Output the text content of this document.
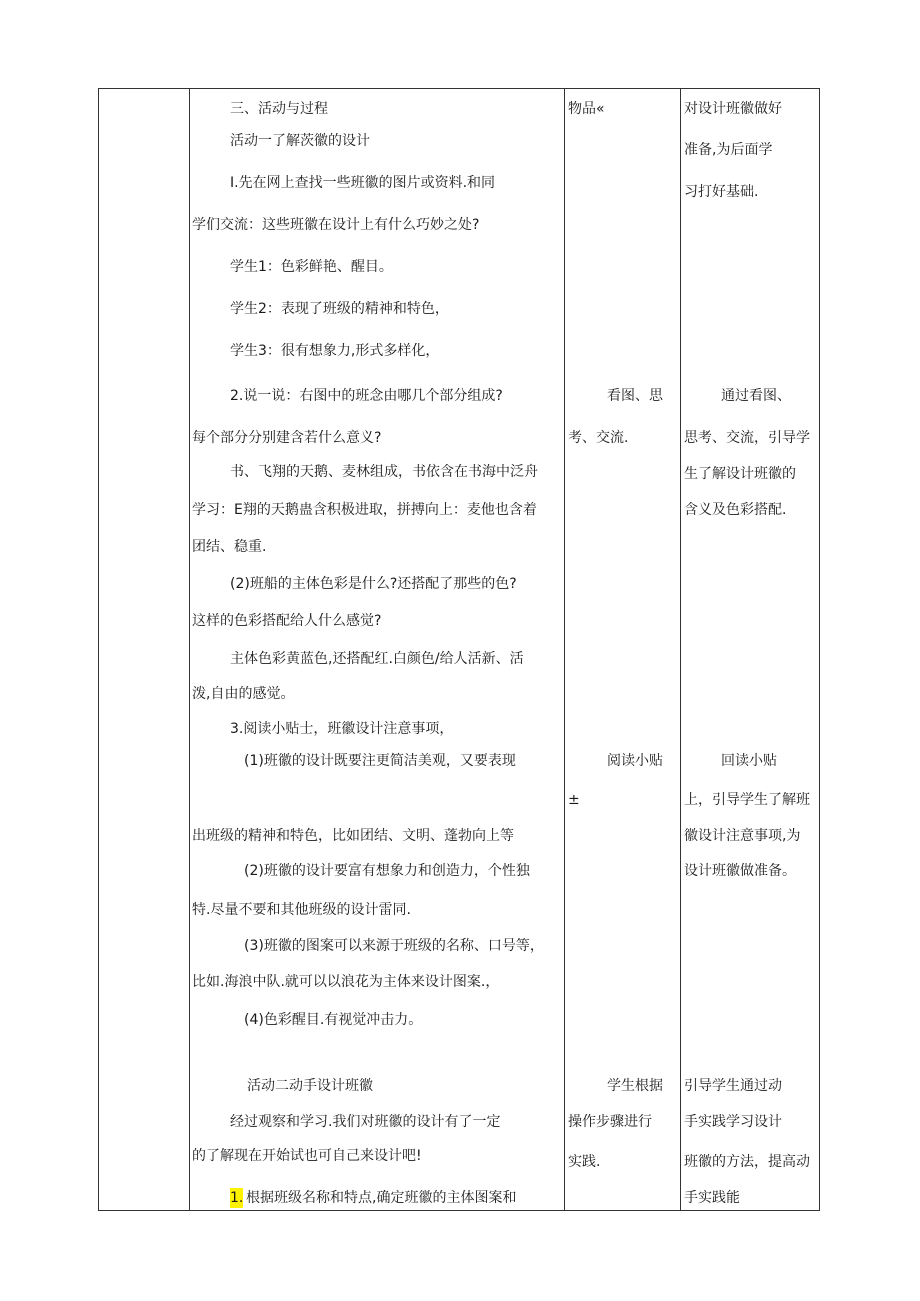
三、活动与过程
活动一了解茨徽的设计
I.先在网上查找一些班徽的图片或资料.和同
学们交流：这些班徽在设计上有什么巧妙之处?
学生1：色彩鲜艳、醒目。
学生2：表现了班级的精神和特色，
学生3：很有想象力,形式多样化，
2.说一说：右图中的班念由哪几个部分组成?
每个部分分别建含若什么意义?
书、飞翔的天鹅、麦林组成，书依含在书海中泛舟
学习：E翔的天鹅蛊含积极进取，拼搏向上：麦他也含着
团结、稳重.
(2)班船的主体色彩是什么?还搭配了那些的色?
这样的色彩搭配给人什么感觉?
主体色彩黄蓝色,还搭配红.白颜色/给人活新、活
泼,自由的感觉。
3.阅读小贴士，班徽设计注意事项，
(1)班徽的设计既要注更简洁美观，又要表现
出班级的精神和特色，比如团结、文明、蓬勃向上等
(2)班徽的设计要富有想象力和创造力，个性独
特.尽量不要和其他班级的设计雷同.
(3)班徽的图案可以来源于班级的名称、口号等，
比如.海浪中队.就可以以浪花为主体来设计图案.，
(4)色彩醒目.有视觉冲击力。
活动二动手设计班徽
经过观察和学习.我们对班徽的设计有了一定
的了解现在开始试也可自己来设计吧!
1. 根据班级名称和特点,确定班徽的主体图案和
物品«
看图、思
考、交流.
阅读小贴
±
学生根据
操作步骤进行
实践.
对设计班徽做好
准备,为后面学
习打好基础.
通过看图、
思考、交流，引导学
生了解设计班徽的
含义及色彩搭配.
回读小贴
上，引导学生了解班
徽设计注意事项,为
设计班徽做准备。
引导学生通过动
手实践学习设计
班徽的方法，提高动
手实践能
